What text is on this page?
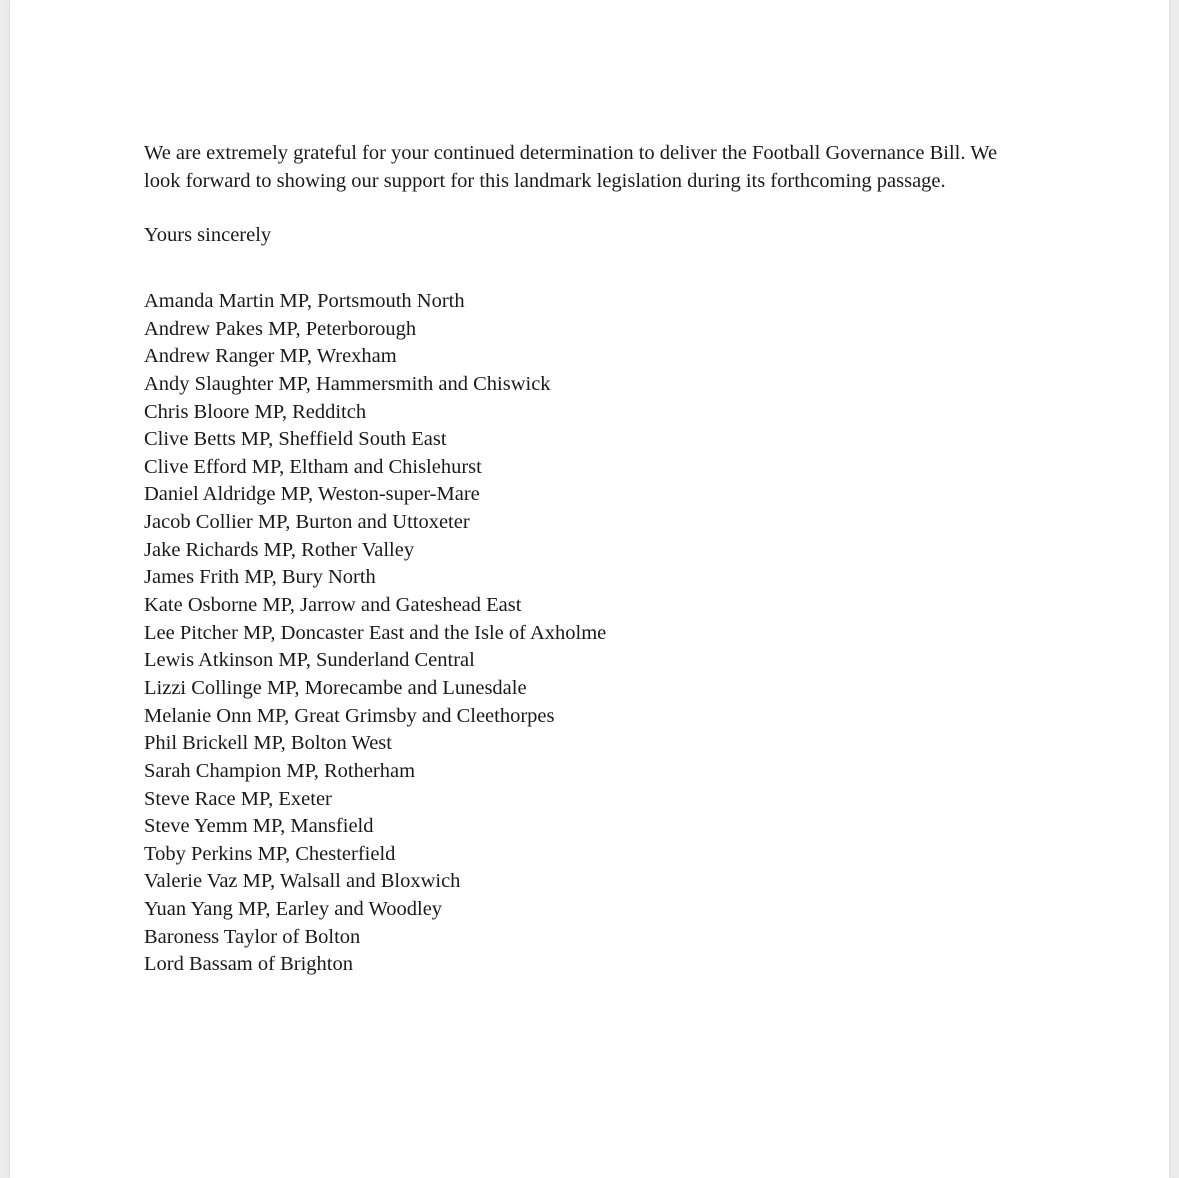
We are extremely grateful for your continued determination to deliver the Football Governance Bill. We
look forward to showing our support for this landmark legislation during its forthcoming passage.

Yours sincerely

Amanda Martin MP, Portsmouth North
Andrew Pakes MP, Peterborough
Andrew Ranger MP, Wrexham
Andy Slaughter MP, Hammersmith and Chiswick
Chris Bloore MP, Redditch
Clive Betts MP, Sheffield South East
Clive Efford MP, Eltham and Chislehurst
Daniel Aldridge MP, Weston-super-Mare
Jacob Collier MP, Burton and Uttoxeter
Jake Richards MP, Rother Valley
James Frith MP, Bury North
Kate Osborne MP, Jarrow and Gateshead East
Lee Pitcher MP, Doncaster East and the Isle of Axholme
Lewis Atkinson MP, Sunderland Central
Lizzi Collinge MP, Morecambe and Lunesdale
Melanie Onn MP, Great Grimsby and Cleethorpes
Phil Brickell MP, Bolton West
Sarah Champion MP, Rotherham
Steve Race MP, Exeter
Steve Yemm MP, Mansfield
Toby Perkins MP, Chesterfield
Valerie Vaz MP, Walsall and Bloxwich
Yuan Yang MP, Earley and Woodley
Baroness Taylor of Bolton
Lord Bassam of Brighton
